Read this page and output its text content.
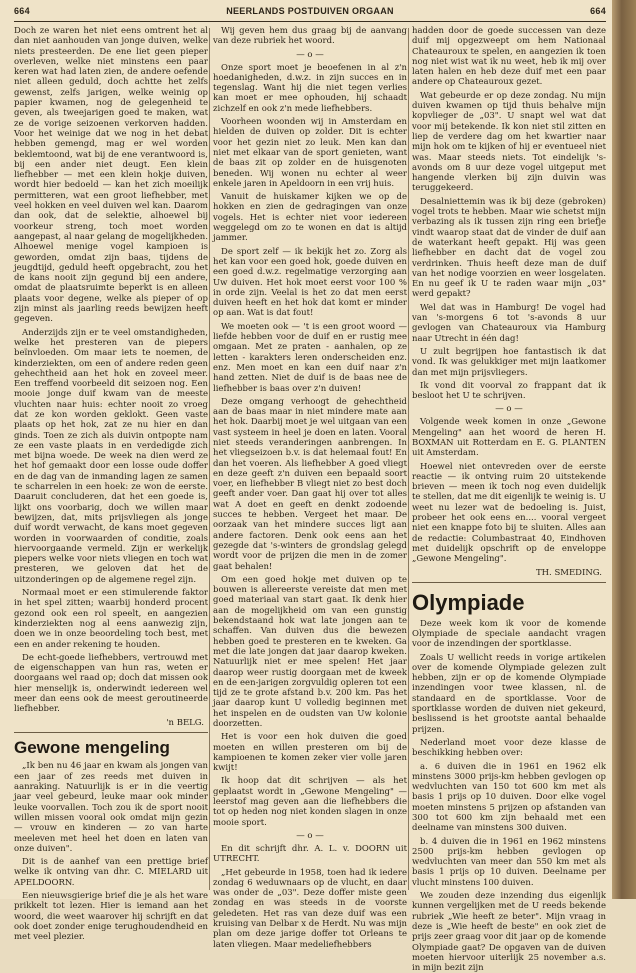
664	NEERLANDS POSTDUIVEN ORGAAN	664

Doch ze waren het niet eens omtrent het al dan niet aanhouden van jonge duiven, welke niets presteerden. De ene liet geen pieper overleven, welke niet minstens een paar keren wat had laten zien, de andere oefende niet alleen geduld, doch achtte het zelfs gewenst, zelfs jarigen, welke weinig op papier kwamen, nog de gelegenheid te geven, als tweejarigen goed te maken, wat ze de vorige seizoenen verkorven hadden. Voor het weinige dat we nog in het debat hebben gemengd, mag er wel worden beklemtoond, wat bij de ene verantwoord is, bij een ander niet deugt. Een klein liefhebber — met een klein hokje duiven, wordt hier bedoeld — kan het zich moeilijk permitteren, wat een groot liefhebber, met veel hokken en veel duiven wel kan. Daarom dan ook, dat de selektie, alhoewel bij voorkeur streng, toch moet worden aangepast, al naar gelang de mogelijkheden. Alhoewel menige vogel kampioen is geworden, omdat zijn baas, tijdens de jeugdtijd, geduld heeft opgebracht, zou het de kans nooit zijn gegund bij een andere, omdat de plaatsruimte beperkt is en alleen plaats voor degene, welke als pieper of op zijn minst als jaarling reeds bewijzen heeft gegeven.

Anderzijds zijn er te veel omstandigheden, welke het presteren van de piepers beïnvloeden. Om maar iets te noemen, de kinderziekten, om een of andere reden geen gehechtheid aan het hok en zoveel meer. Een treffend voorbeeld dit seizoen nog. Een mooie jonge duif kwam van de meeste vluchten naar huis: echter nooit zo vroeg dat ze kon worden geklokt. Geen vaste plaats op het hok, zat ze nu hier en dan ginds. Toen ze zich als duivin ontpopte nam ze een vaste plaats in en verdedigde zich met bijna woede. De week na dien werd ze het hof gemaakt door een losse oude doffer en de dag van de inmanding lagen ze samen te scharrelen in een hoek: ze won de eerste. Daaruit concluderen, dat het een goede is, lijkt ons voorbarig, doch we willen maar bewijzen, dat, mits prijsvliegen als jonge duif wordt verwacht, de kans moet gegeven worden in voorwaarden of conditie, zoals hiervoorgaande vermeld. Zijn er werkelijk piepers welke voor niets vliegen en toch wat presteren, we geloven dat het de uitzonderingen op de algemene regel zijn.

Normaal moet er een stimulerende faktor in het spel zitten; waarbij honderd procent gezond ook een rol speelt, en aangezien kinderziekten nog al eens aanwezig zijn, doen we in onze beoordeling toch best, met een en ander rekening te houden.

De echt-goede liefhebbers, vertrouwd met de eigenschappen van hun ras, weten er doorgaans wel raad op; doch dat missen ook hier menselijk is, onderwindt iedereen wel meer dan eens ook de meest geroutineerde liefhebber.

'n BELG.
Gewone mengeling

„Ik ben nu 46 jaar en kwam als jongen van een jaar of zes reeds met duiven in aanraking. Natuurlijk is er in die veertig jaar veel gebeurd, leuke maar ook minder leuke voorvallen. Toch zou ik de sport nooit willen missen vooral ook omdat mijn gezin — vrouw en kinderen — zo van harte meeleven met heel het doen en laten van onze duiven".

Dit is de aanhef van een prettige brief welke ik ontving van dhr. C. MIELARD uit APELDOORN.

Een nieuwsgierige brief die je als het ware prikkelt tot lezen. Hier is iemand aan het woord, die weet waarover hij schrijft en dat ook doet zonder enige terughoudendheid en met veel plezier.

Wij geven hem dus graag bij de aanvang van deze rubriek het woord.

— o —

Onze sport moet je beoefenen in al z'n hoedanigheden, d.w.z. in zijn succes en in tegenslag. Want hij die niet tegen verlies kan moet er mee ophouden, hij schaadt zichzelf en ook z'n mede liefhebbers.

Voorheen woonden wij in Amsterdam en hielden de duiven op zolder. Dit is echter voor het gezin niet zo leuk. Men kan dan niet met elkaar van de sport genieten, want de baas zit op zolder en de huisgenoten beneden. Wij wonen nu echter al weer enkele jaren in Apeldoorn in een vrij huis.

Vanuit de huiskamer kijken we op de hokken en zien de gedragingen van onze vogels. Het is echter niet voor iedereen weggelegd om zo te wonen en dat is altijd jammer.

De sport zelf — ik bekijk het zo. Zorg als het kan voor een goed hok, goede duiven en een goed d.w.z. regelmatige verzorging aan Uw duiven. Het hok moet eerst voor 100 % in orde zijn. Veelal is het zo dat men eerst duiven heeft en het hok dat komt er minder op aan. Wat is dat fout!

We moeten ook — 't is een groot woord — liefde hebben voor de duif en er rustig mee omgaan. Met ze praten - aanhalen, op ze letten - karakters leren onderscheiden enz. enz. Men moet en kan een duif naar z'n hand zetten. Niet de duif is de baas nee de liefhebber is baas over z'n duiven!

Deze omgang verhoogt de gehechtheid aan de baas maar in niet mindere mate aan het hok. Daarbij moet je wel uitgaan van een vast systeem in heel je doen en laten. Vooral niet steeds veranderingen aanbrengen. In het vliegseizoen b.v. is dat helemaal fout! En dan het voeren. Als liefhebber A goed vliegt en deze geeft z'n duiven een bepaald soort voer, en liefhebber B vliegt niet zo best doch geeft ander voer. Dan gaat hij over tot alles wat A doet en geeft en denkt zodoende succes te hebben. Vergeet het maar. De oorzaak van het mindere succes ligt aan andere factoren. Denk ook eens aan het gezegde dat 's-winters de grondslag gelegd wordt voor de prijzen die men in de zomer gaat behalen!

Om een goed hokje met duiven op te bouwen is allereerste vereiste dat men met goed materiaal van start gaat. Ik denk hier aan de mogelijkheid om van een gunstig bekendstaand hok wat late jongen aan te schaffen. Van duiven dus die bewezen hebben goed te presteren en te kweken. Ga met die late jongen dat jaar daarop kweken. Natuurlijk niet er mee spelen! Het jaar daarop weer rustig doorgaan met de kweek en de een-jarigen zorgvuldig opleren tot een tijd ze te grote afstand b.v. 200 km. Pas het jaar daarop kunt U volledig beginnen met het inspelen en de oudsten van Uw kolonie doorzetten.

Het is voor een hok duiven die goed moeten en willen presteren om bij de kampioenen te komen zeker vier volle jaren kwijt!

Ik hoop dat dit schrijven — als het geplaatst wordt in „Gewone Mengeling" — leerstof mag geven aan die liefhebbers die tot op heden nog niet konden slagen in onze mooie sport.

— o —

En dit schrijft dhr. A. L. v. DOORN uit UTRECHT.

„Het gebeurde in 1958, toen had ik iedere zondag 6 weduwnaars op de vlucht, en daar was onder de „03". Deze doffer miste geen zondag en was steeds in de voorste geledeten. Het ras van deze duif was een kruising van Delbar x de Herdt. Nu was mijn plan om deze jarige doffer tot Orleans te laten vliegen. Maar medeliefhebbers

hadden door de goede successen van deze duif mij opgezweept om hem Nationaal Chateauroux te spelen, en aangezien ik toen nog niet wist wat ik nu weet, heb ik mij over laten halen en heb deze duif met een paar andere op Chateauroux gezet.

Wat gebeurde er op deze zondag. Nu mijn duiven kwamen op tijd thuis behalve mijn kopvlieger de „03". U snapt wel wat dat voor mij betekende. Ik kon niet stil zitten en liep de verdere dag om het kwartier naar mijn hok om te kijken of hij er eventueel niet was. Maar steeds niets. Tot eindelijk 's-avonds om 8 uur deze vogel uitgeput met hangende vlerken bij zijn duivin was teruggekeerd.

Desalniettemin was ik bij deze (gebroken) vogel trots te hebben. Maar wie schetst mijn verbazing als ik tussen zijn ring een briefje vindt waarop staat dat de vinder de duif aan de waterkant heeft gepakt. Hij was geen liefhebber en dacht dat de vogel zou verdrinken. Thuis heeft deze man de duif van het nodige voorzien en weer losgelaten. En nu geef ik U te raden waar mijn „03" werd gepakt?

Wel dat was in Hamburg! De vogel had van 's-morgens 6 tot 's-avonds 8 uur gevlogen van Chateauroux via Hamburg naar Utrecht in één dag!

U zult begrijpen hoe fantastisch ik dat vond. Ik was gelukkiger met mijn laatkomer dan met mijn prijsvliegers.

Ik vond dit voorval zo frappant dat ik besloot het U te schrijven.

— o —

Volgende week komen in onze „Gewone Mengeling" aan het woord de heren H. BOXMAN uit Rotterdam en E. G. PLANTEN uit Amsterdam.

Hoewel niet ontevreden over de eerste reactie — ik ontving ruim 20 uitstekende brieven — meen ik toch nog even duidelijk te stellen, dat me dit eigenlijk te weinig is. U weet nu lezer wat de bedoeling is. Juist, probeer het ook eens en.... vooral vergeet niet een knappe foto bij te sluiten. Alles aan de redactie: Columbastraat 40, Eindhoven met duidelijk opschrift op de enveloppe „Gewone Mengeling".

TH. SMEDING.
Olympiade

Deze week kom ik voor de komende Olympiade de speciale aandacht vragen voor de inzendingen der sportklasse.

Zoals U wellicht reeds in vorige artikelen over de komende Olympiade gelezen zult hebben, zijn er op de komende Olympiade inzendingen voor twee klassen, nl. de standaard en de sportklasse. Voor de sportklasse worden de duiven niet gekeurd, beslissend is het grootste aantal behaalde prijzen.

Nederland moet voor deze klasse de beschikking hebben over:

a. 6 duiven die in 1961 en 1962 elk minstens 3000 prijs-km hebben gevlogen op wedvluchten van 150 tot 600 km met als basis 1 prijs op 10 duiven. Door elke vogel moeten minstens 5 prijzen op afstanden van 300 tot 600 km zijn behaald met een deelname van minstens 300 duiven.

b. 4 duiven die in 1961 en 1962 minstens 2500 prijs-km hebben gevlogen op wedvluchten van meer dan 550 km met als basis 1 prijs op 10 duiven. Deelname per vlucht minstens 100 duiven.

We zouden deze inzending dus eigenlijk kunnen vergelijken met de U reeds bekende rubriek „Wie heeft ze beter". Mijn vraag in deze is „Wie heeft de beste" en ook ziet de prijs zeer graag voor dit jaar op de komende Olympiade gaat? De opgaven van de duiven moeten hiervoor uiterlijk 25 november a.s. in mijn bezit zijn
